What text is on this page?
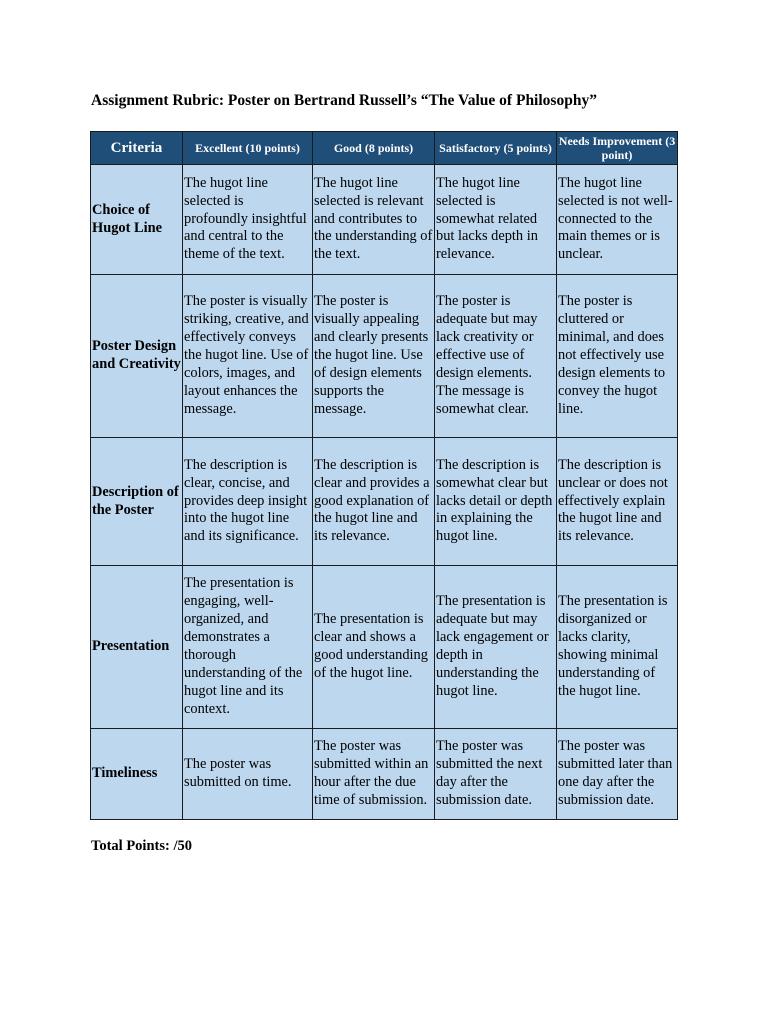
Assignment Rubric: Poster on Bertrand Russell’s “The Value of Philosophy”
Criteria	Excellent (10 points)	Good (8 points)	Satisfactory (5 points)	Needs Improvement (3 point)
Choice of Hugot Line	The hugot line selected is profoundly insightful and central to the theme of the text.	The hugot line selected is relevant and contributes to the understanding of the text.	The hugot line selected is somewhat related but lacks depth in relevance.	The hugot line selected is not well-connected to the main themes or is unclear.
Poster Design and Creativity	The poster is visually striking, creative, and effectively conveys the hugot line. Use of colors, images, and layout enhances the message.	The poster is visually appealing and clearly presents the hugot line. Use of design elements supports the message.	The poster is adequate but may lack creativity or effective use of design elements. The message is somewhat clear.	The poster is cluttered or minimal, and does not effectively use design elements to convey the hugot line.
Description of the Poster	The description is clear, concise, and provides deep insight into the hugot line and its significance.	The description is clear and provides a good explanation of the hugot line and its relevance.	The description is somewhat clear but lacks detail or depth in explaining the hugot line.	The description is unclear or does not effectively explain the hugot line and its relevance.
Presentation	The presentation is engaging, well-organized, and demonstrates a thorough understanding of the hugot line and its context.	The presentation is clear and shows a good understanding of the hugot line.	The presentation is adequate but may lack engagement or depth in understanding the hugot line.	The presentation is disorganized or lacks clarity, showing minimal understanding of the hugot line.
Timeliness	The poster was submitted on time.	The poster was submitted within an hour after the due time of submission.	The poster was submitted the next day after the submission date.	The poster was submitted later than one day after the submission date.
Total Points: /50
